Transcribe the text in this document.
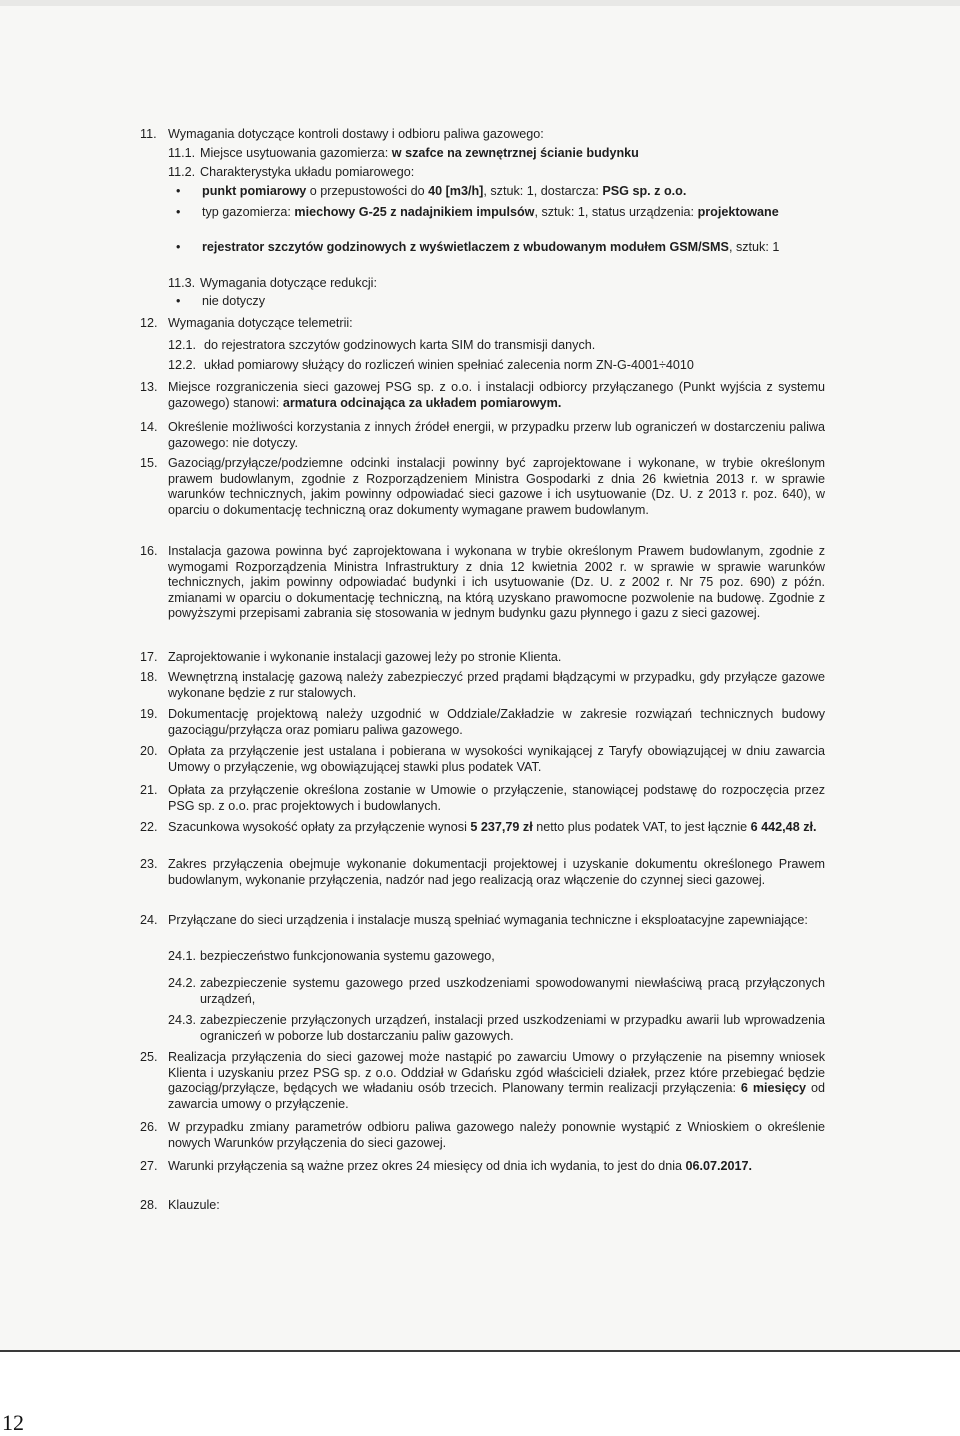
11. Wymagania dotyczące kontroli dostawy i odbioru paliwa gazowego:
11.1. Miejsce usytuowania gazomierza: w szafce na zewnętrznej ścianie budynku
11.2. Charakterystyka układu pomiarowego:
•	punkt pomiarowy o przepustowości do 40 [m3/h], sztuk: 1, dostarcza: PSG sp. z o.o.
•	typ gazomierza: miechowy G-25 z nadajnikiem impulsów, sztuk: 1, status urządzenia: projektowane
•	rejestrator szczytów godzinowych z wyświetlaczem z wbudowanym modułem GSM/SMS, sztuk: 1
11.3. Wymagania dotyczące redukcji:
•	nie dotyczy
12. Wymagania dotyczące telemetrii:
12.1. do rejestratora szczytów godzinowych karta SIM do transmisji danych.
12.2. układ pomiarowy służący do rozliczeń winien spełniać zalecenia norm ZN-G-4001÷4010
13. Miejsce rozgraniczenia sieci gazowej PSG sp. z o.o. i instalacji odbiorcy przyłączanego (Punkt wyjścia z systemu gazowego) stanowi: armatura odcinająca za układem pomiarowym.
14. Określenie możliwości korzystania z innych źródeł energii, w przypadku przerw lub ograniczeń w dostarczeniu paliwa gazowego: nie dotyczy.
15. Gazociąg/przyłącze/podziemne odcinki instalacji powinny być zaprojektowane i wykonane, w trybie określonym prawem budowlanym, zgodnie z Rozporządzeniem Ministra Gospodarki z dnia 26 kwietnia 2013 r. w sprawie warunków technicznych, jakim powinny odpowiadać sieci gazowe i ich usytuowanie (Dz. U. z 2013 r. poz. 640), w oparciu o dokumentację techniczną oraz dokumenty wymagane prawem budowlanym.
16. Instalacja gazowa powinna być zaprojektowana i wykonana w trybie określonym Prawem budowlanym, zgodnie z wymogami Rozporządzenia Ministra Infrastruktury z dnia 12 kwietnia 2002 r. w sprawie w sprawie warunków technicznych, jakim powinny odpowiadać budynki i ich usytuowanie (Dz. U. z 2002 r. Nr 75 poz. 690) z późn. zmianami w oparciu o dokumentację techniczną, na którą uzyskano prawomocne pozwolenie na budowę. Zgodnie z powyższymi przepisami zabrania się stosowania w jednym budynku gazu płynnego i gazu z sieci gazowej.
17. Zaprojektowanie i wykonanie instalacji gazowej leży po stronie Klienta.
18. Wewnętrzną instalację gazową należy zabezpieczyć przed prądami błądzącymi w przypadku, gdy przyłącze gazowe wykonane będzie z rur stalowych.
19. Dokumentację projektową należy uzgodnić w Oddziale/Zakładzie w zakresie rozwiązań technicznych budowy gazociągu/przyłącza oraz pomiaru paliwa gazowego.
20. Opłata za przyłączenie jest ustalana i pobierana w wysokości wynikającej z Taryfy obowiązującej w dniu zawarcia Umowy o przyłączenie, wg obowiązującej stawki plus podatek VAT.
21. Opłata za przyłączenie określona zostanie w Umowie o przyłączenie, stanowiącej podstawę do rozpoczęcia przez PSG sp. z o.o. prac projektowych i budowlanych.
22. Szacunkowa wysokość opłaty za przyłączenie wynosi 5 237,79 zł netto plus podatek VAT, to jest łącznie 6 442,48 zł.
23. Zakres przyłączenia obejmuje wykonanie dokumentacji projektowej i uzyskanie dokumentu określonego Prawem budowlanym, wykonanie przyłączenia, nadzór nad jego realizacją oraz włączenie do czynnej sieci gazowej.
24. Przyłączane do sieci urządzenia i instalacje muszą spełniać wymagania techniczne i eksploatacyjne zapewniające:
24.1. bezpieczeństwo funkcjonowania systemu gazowego,
24.2. zabezpieczenie systemu gazowego przed uszkodzeniami spowodowanymi niewłaściwą pracą przyłączonych urządzeń,
24.3. zabezpieczenie przyłączonych urządzeń, instalacji przed uszkodzeniami w przypadku awarii lub wprowadzenia ograniczeń w poborze lub dostarczaniu paliw gazowych.
25. Realizacja przyłączenia do sieci gazowej może nastąpić po zawarciu Umowy o przyłączenie na pisemny wniosek Klienta i uzyskaniu przez PSG sp. z o.o. Oddział w Gdańsku zgód właścicieli działek, przez które przebiegać będzie gazociąg/przyłącze, będących we władaniu osób trzecich. Planowany termin realizacji przyłączenia: 6 miesięcy od zawarcia umowy o przyłączenie.
26. W przypadku zmiany parametrów odbioru paliwa gazowego należy ponownie wystąpić z Wnioskiem o określenie nowych Warunków przyłączenia do sieci gazowej.
27. Warunki przyłączenia są ważne przez okres 24 miesięcy od dnia ich wydania, to jest do dnia 06.07.2017.
28. Klauzule:
12
